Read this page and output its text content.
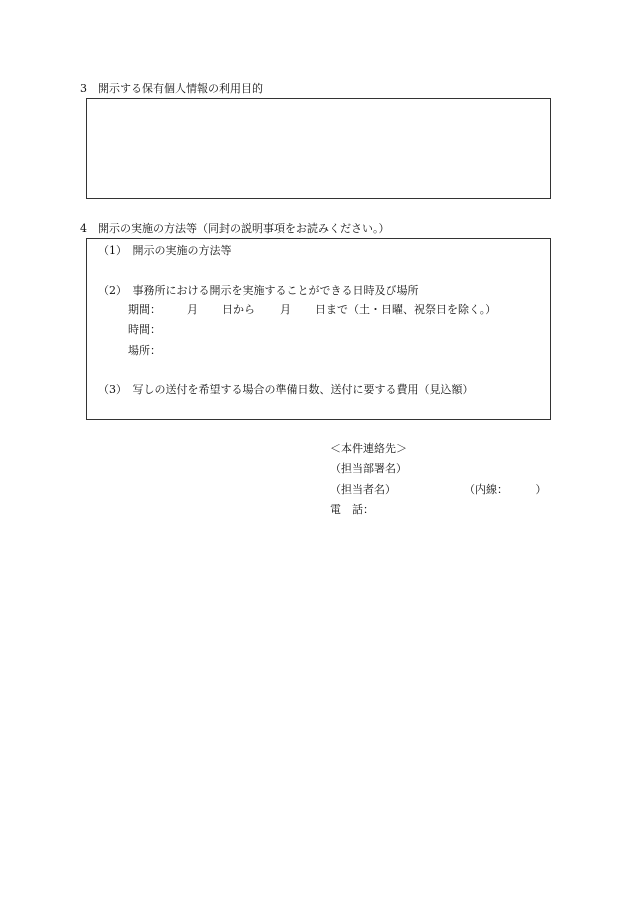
3　開示する保有個人情報の利用目的
4　開示の実施の方法等（同封の説明事項をお読みください。）
（1）　開示の実施の方法等
（2）　事務所における開示を実施することができる日時及び場所
期間： 月 日から 月 日まで（土・日曜、祝祭日を除く。）
時間：
場所：
（3）　写しの送付を希望する場合の準備日数、送付に要する費用（見込額）
＜本件連絡先＞
（担当部署名）
（担当者名）	（内線：　　　）
電　話：
